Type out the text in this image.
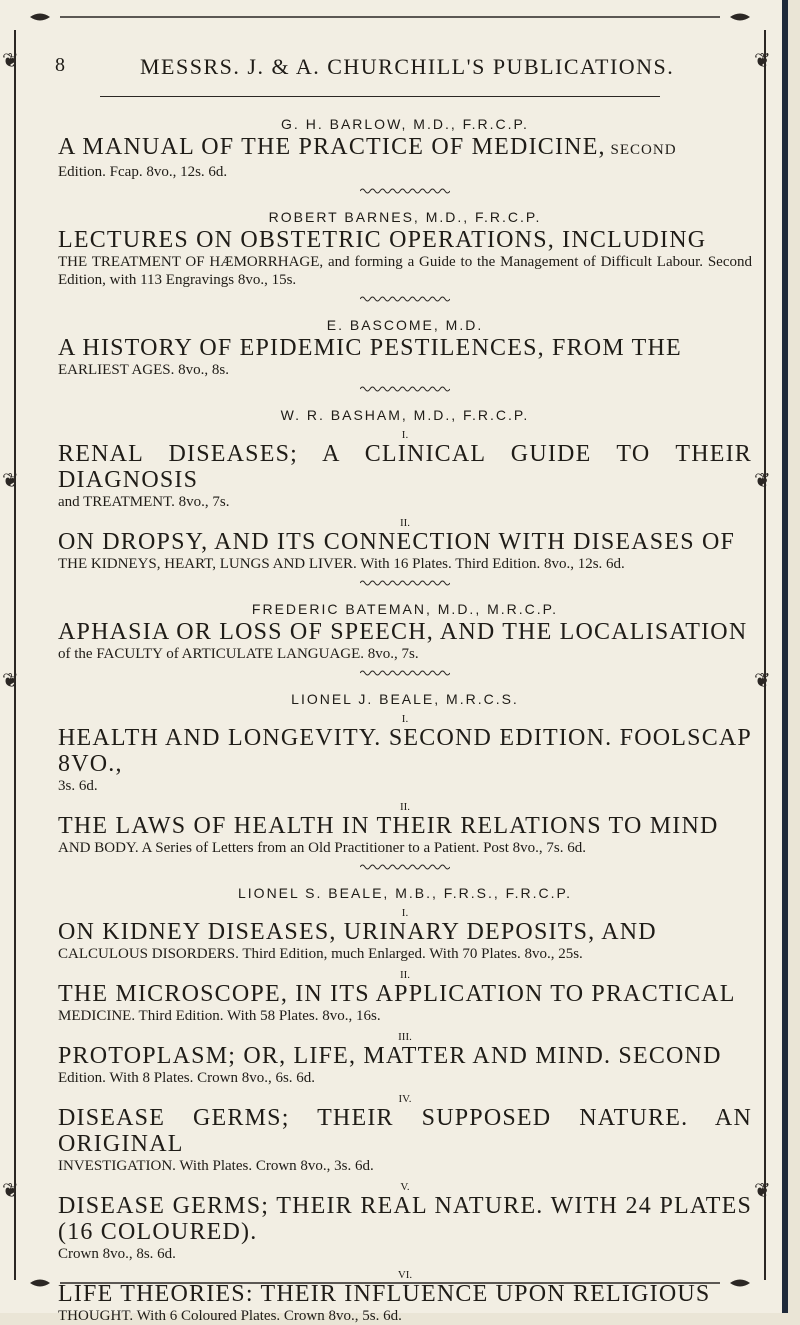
❦
❦
❦
❦
❦
❦
❦
❦
8	MESSRS. J. & A. CHURCHILL'S PUBLICATIONS.
G. H. BARLOW, M.D., F.R.C.P.
A MANUAL OF THE PRACTICE OF MEDICINE, SECOND
Edition. Fcap. 8vo., 12s. 6d.
ROBERT BARNES, M.D., F.R.C.P.
LECTURES ON OBSTETRIC OPERATIONS, INCLUDING
THE TREATMENT OF HÆMORRHAGE, and forming a Guide to the Management of Difficult Labour. Second Edition, with 113 Engravings 8vo., 15s.
E. BASCOME, M.D.
A HISTORY OF EPIDEMIC PESTILENCES, FROM THE
EARLIEST AGES. 8vo., 8s.
W. R. BASHAM, M.D., F.R.C.P.
I.
RENAL DISEASES; A CLINICAL GUIDE TO THEIR DIAGNOSIS
and TREATMENT. 8vo., 7s.
II.
ON DROPSY, AND ITS CONNECTION WITH DISEASES OF
THE KIDNEYS, HEART, LUNGS AND LIVER. With 16 Plates. Third Edition. 8vo., 12s. 6d.
FREDERIC BATEMAN, M.D., M.R.C.P.
APHASIA OR LOSS OF SPEECH, AND THE LOCALISATION
of the FACULTY of ARTICULATE LANGUAGE. 8vo., 7s.
LIONEL J. BEALE, M.R.C.S.
I.
HEALTH AND LONGEVITY. SECOND EDITION. FOOLSCAP 8VO.,
3s. 6d.
II.
THE LAWS OF HEALTH IN THEIR RELATIONS TO MIND
AND BODY. A Series of Letters from an Old Practitioner to a Patient. Post 8vo., 7s. 6d.
LIONEL S. BEALE, M.B., F.R.S., F.R.C.P.
I.
ON KIDNEY DISEASES, URINARY DEPOSITS, AND
CALCULOUS DISORDERS. Third Edition, much Enlarged. With 70 Plates. 8vo., 25s.
II.
THE MICROSCOPE, IN ITS APPLICATION TO PRACTICAL
MEDICINE. Third Edition. With 58 Plates. 8vo., 16s.
III.
PROTOPLASM; OR, LIFE, MATTER AND MIND. SECOND
Edition. With 8 Plates. Crown 8vo., 6s. 6d.
IV.
DISEASE GERMS; THEIR SUPPOSED NATURE. AN ORIGINAL
INVESTIGATION. With Plates. Crown 8vo., 3s. 6d.
V.
DISEASE GERMS; THEIR REAL NATURE. WITH 24 PLATES (16 COLOURED).
Crown 8vo., 8s. 6d.
VI.
LIFE THEORIES: THEIR INFLUENCE UPON RELIGIOUS
THOUGHT. With 6 Coloured Plates. Crown 8vo., 5s. 6d.
